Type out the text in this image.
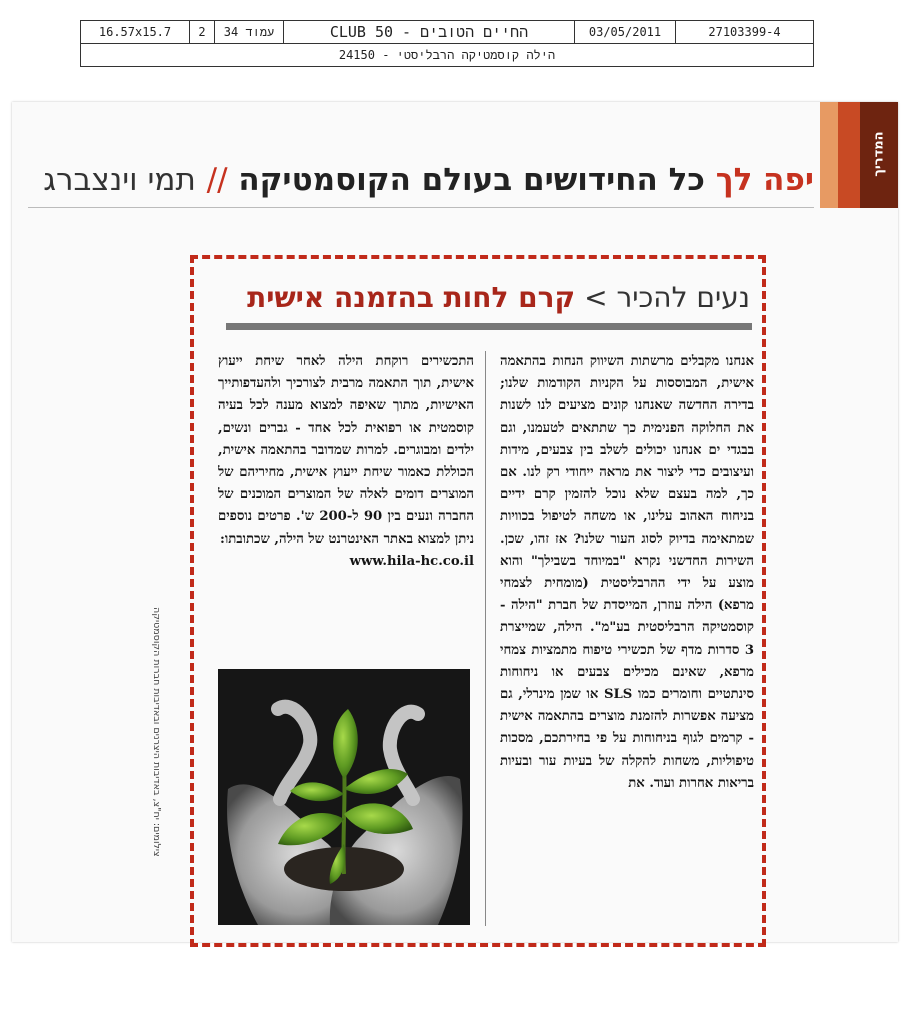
16.57x15.7	2	עמוד 34	CLUB 50 - החיים הטובים	03/05/2011	27103399-4
הילה קוסמטיקה הרבליסטי - 24150
המדריך
יפה לך כל החידושים בעולם הקוסמטיקה // תמי וינצברג
צילומים: יח"צ, באדיבות היצרנים ובאדיבות חברות הקוסמטיקה
נעים להכיר > קרם לחות בהזמנה אישית
אנחנו מקבלים מרשתות השיווק הנחות בהתאמה אישית, המבוססות על הקניות הקודמות שלנו; בדירה החדשה שאנחנו קונים מציעים לנו לשנות את החלוקה הפנימית כך שתתאים לטעמנו, וגם בבגדי ים אנחנו יכולים לשלב בין צבעים, מידות ועיצובים כדי ליצור את מראה ייחודי רק לנו. אם כך, למה בעצם שלא נוכל להזמין קרם ידיים בניחוח האהוב עלינו, או משחה לטיפול בכוויות שמתאימה בדיוק לסוג העור שלנו? אז זהו, שכן. השירות החדשני נקרא "במיוחד בשבילך" והוא מוצע על ידי ההרבליסטית (מומחית לצמחי מרפא) הילה עוזרן, המייסדת של חברת "הילה - קוסמטיקה הרבליסטית בע"מ". הילה, שמייצרת 3 סדרות מדף של תכשירי טיפוח מתמציות צמחי מרפא, שאינם מכילים צבעים או ניחוחות סינתטיים וחומרים כמו SLS או שמן מינרלי, גם מציעה אפשרות להזמנת מוצרים בהתאמה אישית - קרמים לגוף בניחוחות על פי בחירתכם, מסכות טיפוליות, משחות להקלה של בעיות עור ובעיות בריאות אחרות ועוד. את
התכשירים רוקחת הילה לאחר שיחת ייעוץ אישית, תוך התאמה מרבית לצורכיך ולהעדפותייך האישיות, מתוך שאיפה למצוא מענה לכל בעיה קוסמטית או רפואית לכל אחד - גברים ונשים, ילדים ומבוגרים. למרות שמדובר בהתאמה אישית, הכוללת כאמור שיחת ייעוץ אישית, מחיריהם של המוצרים דומים לאלה של המוצרים המוכנים של החברה ונעים בין 90 ל-200 ש'. פרטים נוספים ניתן למצוא באתר האינטרנט של הילה, שכתובתו:
www.hila-hc.co.il
